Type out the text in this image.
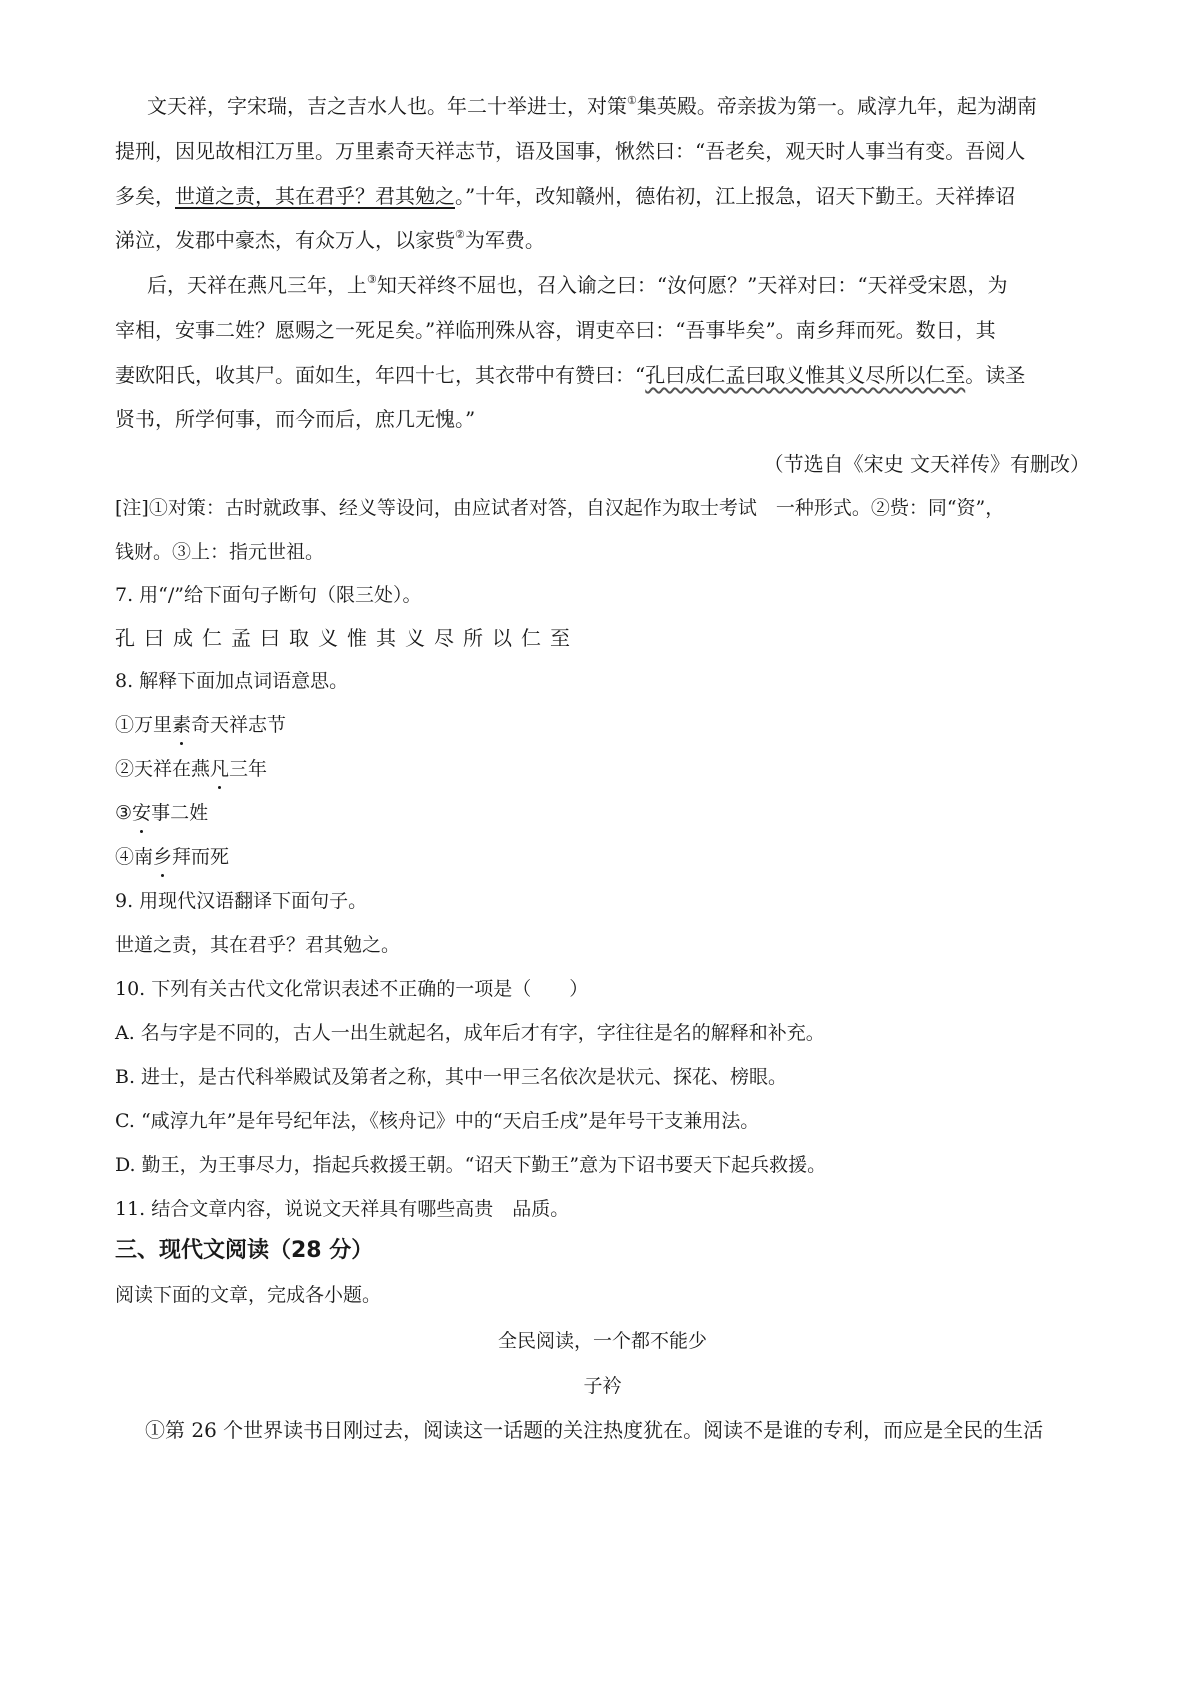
文天祥，字宋瑞，吉之吉水人也。年二十举进士，对策①集英殿。帝亲拔为第一。咸淳九年，起为湖南
提刑，因见故相江万里。万里素奇天祥志节，语及国事，愀然曰：“吾老矣，观天时人事当有变。吾阅人
多矣，世道之责，其在君乎？君其勉之。”十年，改知赣州，德佑初，江上报急，诏天下勤王。天祥捧诏
涕泣，发郡中豪杰，有众万人，以家赀②为军费。
后，天祥在燕凡三年，上③知天祥终不屈也，召入谕之曰：“汝何愿？”天祥对曰：“天祥受宋恩，为
宰相，安事二姓？愿赐之一死足矣。”祥临刑殊从容，谓吏卒曰：“吾事毕矣”。南乡拜而死。数日，其
妻欧阳氏，收其尸。面如生，年四十七，其衣带中有赞曰：“孔曰成仁孟曰取义惟其义尽所以仁至。读圣
贤书，所学何事，而今而后，庶几无愧。”
（节选自《宋史 文天祥传》有删改）
[注]①对策：古时就政事、经义等设问，由应试者对答，自汉起作为取士考试　一种形式。②赀：同“资”，
钱财。③上：指元世祖。
7. 用“/”给下面句子断句（限三处）。
孔曰成仁孟曰取义惟其义尽所以仁至
8. 解释下面加点词语意思。
①万里素奇天祥志节
②天祥在燕凡三年
③安事二姓
④南乡拜而死
9. 用现代汉语翻译下面句子。
世道之责，其在君乎？君其勉之。
10. 下列有关古代文化常识表述不正确的一项是（　　）
A. 名与字是不同的，古人一出生就起名，成年后才有字，字往往是名的解释和补充。
B. 进士，是古代科举殿试及第者之称，其中一甲三名依次是状元、探花、榜眼。
C. “咸淳九年”是年号纪年法，《核舟记》中的“天启壬戌”是年号干支兼用法。
D. 勤王，为王事尽力，指起兵救援王朝。“诏天下勤王”意为下诏书要天下起兵救援。
11. 结合文章内容，说说文天祥具有哪些高贵　品质。
三、现代文阅读（28 分）
阅读下面的文章，完成各小题。
全民阅读，一个都不能少
子衿
①第 26 个世界读书日刚过去，阅读这一话题的关注热度犹在。阅读不是谁的专利，而应是全民的生活
